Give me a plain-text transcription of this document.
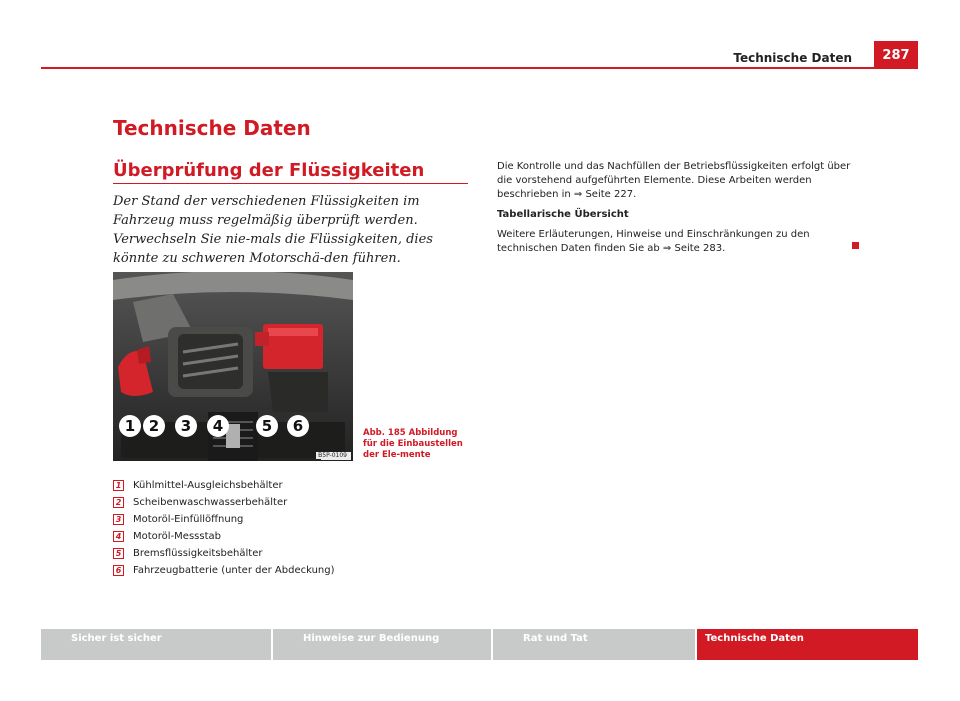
Technische Daten	287
Technische Daten
Überprüfung der Flüssigkeiten
Der Stand der verschiedenen Flüssigkeiten im Fahrzeug muss regelmäßig überprüft werden. Verwechseln Sie nie-mals die Flüssigkeiten, dies könnte zu schweren Motorschä-den führen.
1 2	3	4	5	6
B5P-0109
Abb. 185 Abbildung für die Einbaustellen der Ele-mente
1 Kühlmittel-Ausgleichsbehälter
2 Scheibenwaschwasserbehälter
3 Motoröl-Einfüllöffnung
4 Motoröl-Messstab
5 Bremsflüssigkeitsbehälter
6 Fahrzeugbatterie (unter der Abdeckung)

Die Kontrolle und das Nachfüllen der Betriebsflüssigkeiten erfolgt über die vorstehend aufgeführten Elemente. Diese Arbeiten werden beschrieben in ⇒ Seite 227.

Tabellarische Übersicht

Weitere Erläuterungen, Hinweise und Einschränkungen zu den technischen Daten finden Sie ab ⇒ Seite 283.

Sicher ist sicher	Hinweise zur Bedienung	Rat und Tat	Technische Daten
